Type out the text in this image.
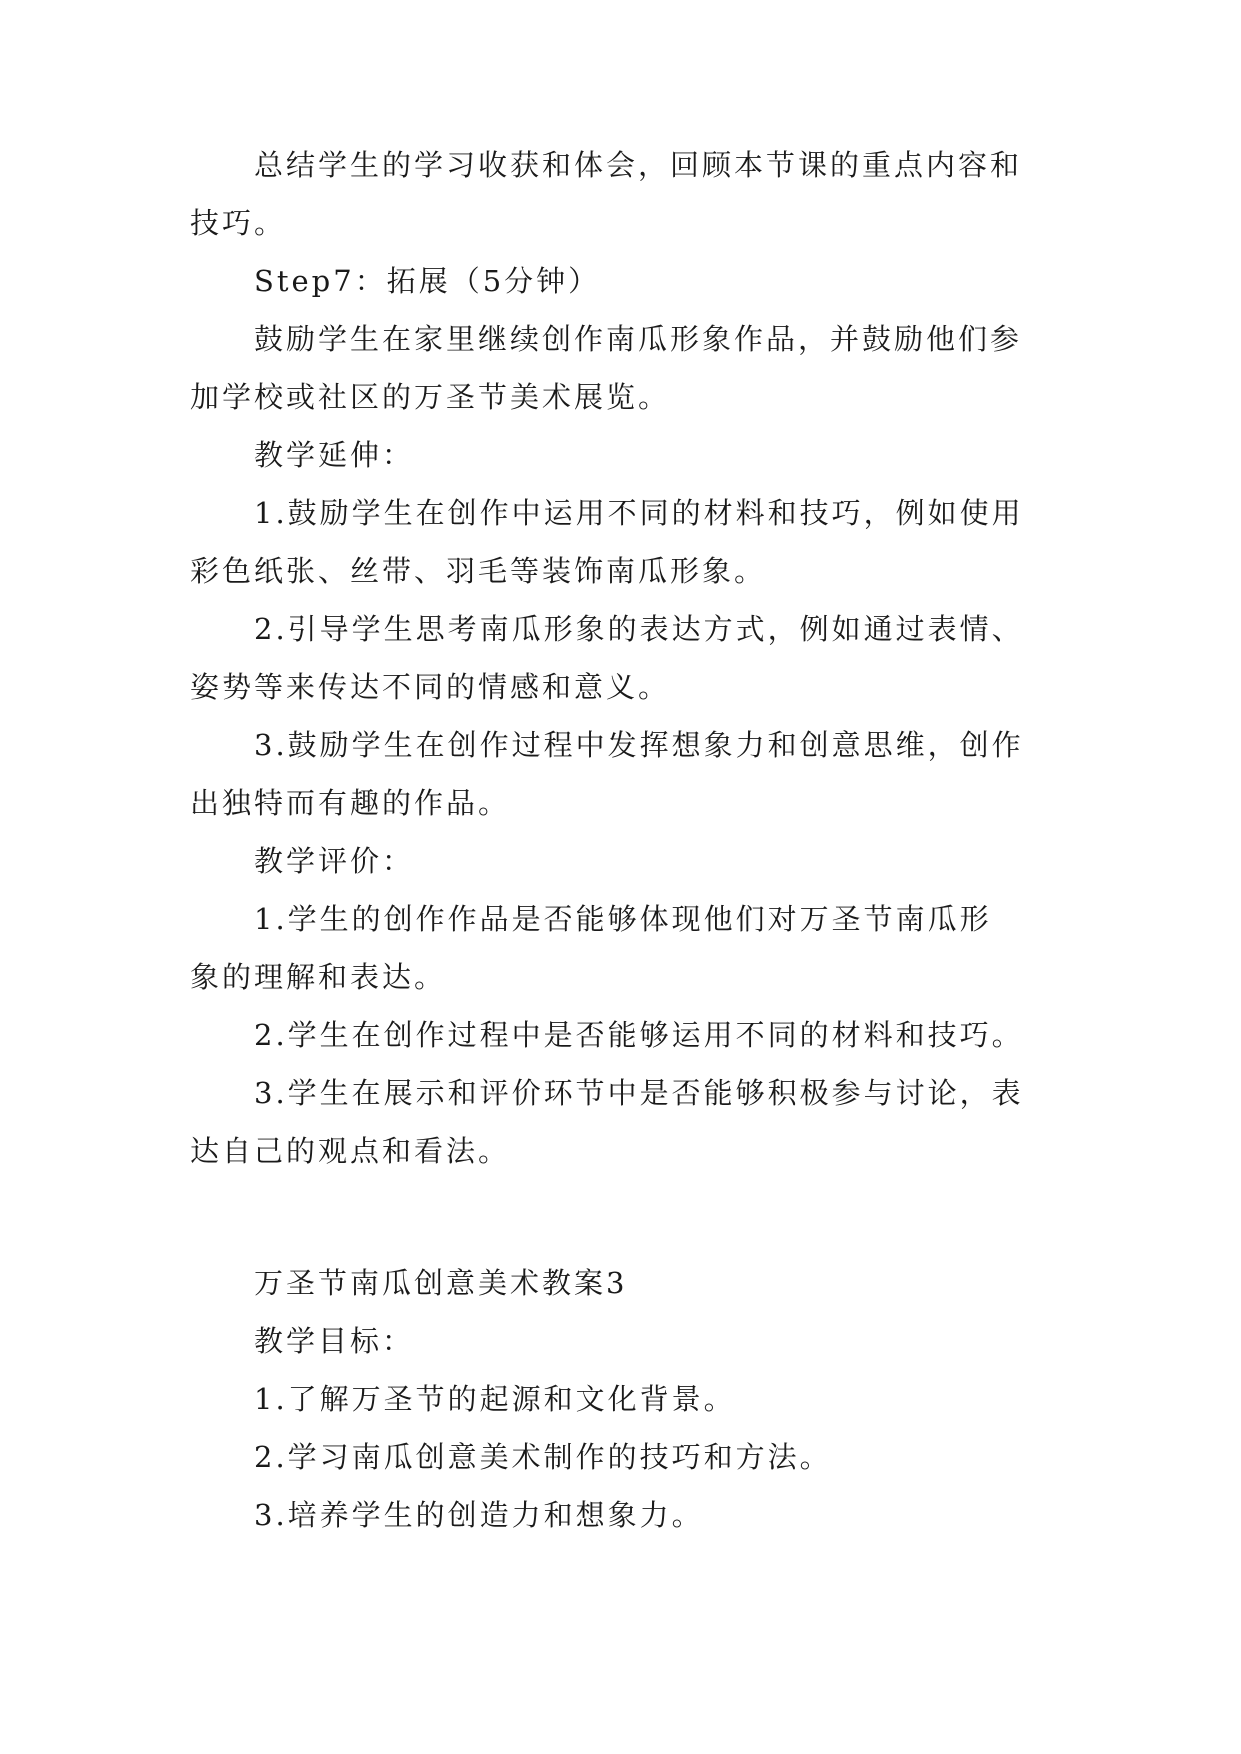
总结学生的学习收获和体会，回顾本节课的重点内容和
技巧。
Step7：拓展（5分钟）
鼓励学生在家里继续创作南瓜形象作品，并鼓励他们参
加学校或社区的万圣节美术展览。
教学延伸：
1.鼓励学生在创作中运用不同的材料和技巧，例如使用
彩色纸张、丝带、羽毛等装饰南瓜形象。
2.引导学生思考南瓜形象的表达方式，例如通过表情、
姿势等来传达不同的情感和意义。
3.鼓励学生在创作过程中发挥想象力和创意思维，创作
出独特而有趣的作品。
教学评价：
1.学生的创作作品是否能够体现他们对万圣节南瓜形
象的理解和表达。
2.学生在创作过程中是否能够运用不同的材料和技巧。
3.学生在展示和评价环节中是否能够积极参与讨论，表
达自己的观点和看法。
万圣节南瓜创意美术教案3
教学目标：
1.了解万圣节的起源和文化背景。
2.学习南瓜创意美术制作的技巧和方法。
3.培养学生的创造力和想象力。
